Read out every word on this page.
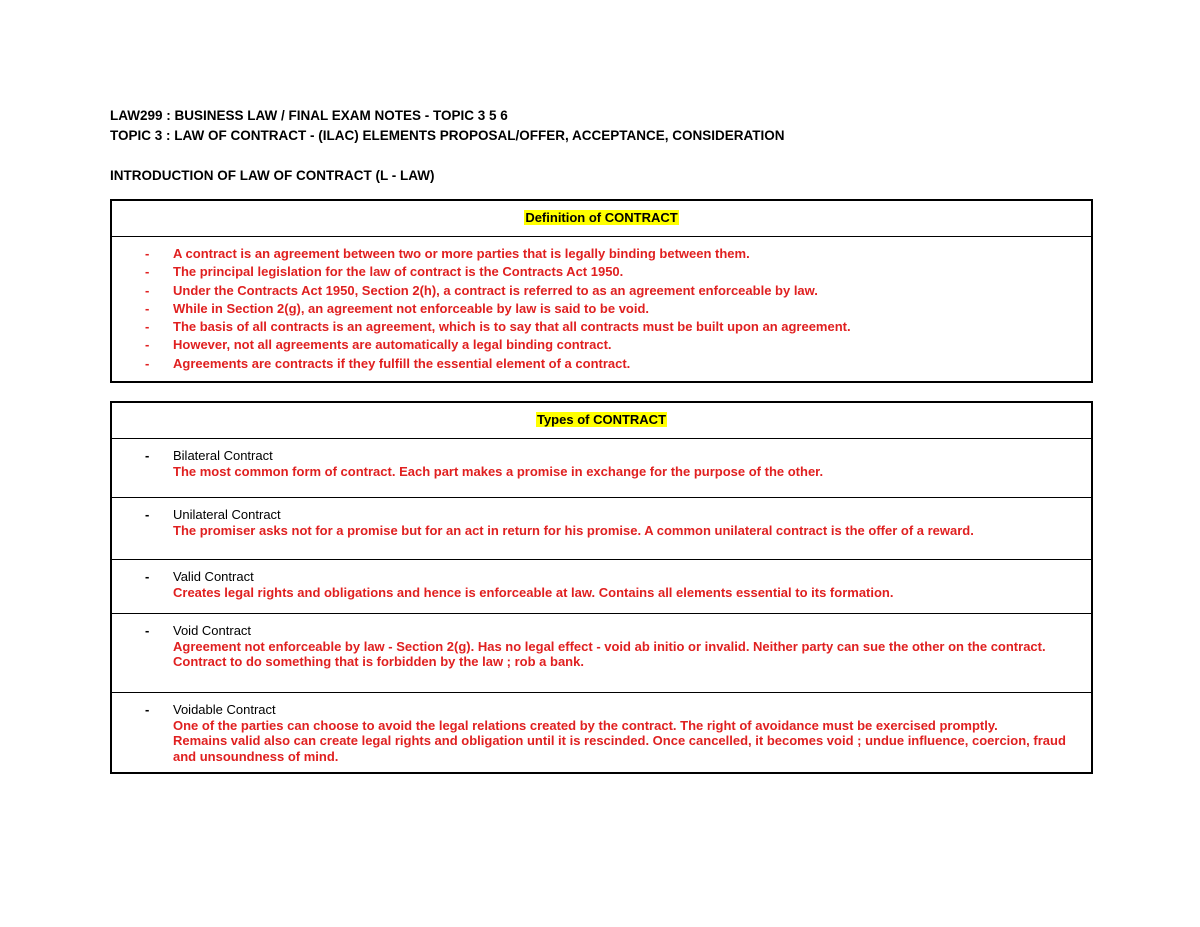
LAW299 : BUSINESS LAW / FINAL EXAM NOTES - TOPIC 3 5 6
TOPIC 3 : LAW OF CONTRACT - (ILAC) ELEMENTS PROPOSAL/OFFER, ACCEPTANCE, CONSIDERATION
INTRODUCTION OF LAW OF CONTRACT (L - LAW)
Definition of CONTRACT

- A contract is an agreement between two or more parties that is legally binding between them.
- The principal legislation for the law of contract is the Contracts Act 1950.
- Under the Contracts Act 1950, Section 2(h), a contract is referred to as an agreement enforceable by law.
- While in Section 2(g), an agreement not enforceable by law is said to be void.
- The basis of all contracts is an agreement, which is to say that all contracts must be built upon an agreement.
- However, not all agreements are automatically a legal binding contract.
- Agreements are contracts if they fulfill the essential element of a contract.
Types of CONTRACT

- Bilateral Contract
The most common form of contract. Each part makes a promise in exchange for the purpose of the other.

- Unilateral Contract
The promiser asks not for a promise but for an act in return for his promise. A common unilateral contract is the offer of a reward.

- Valid Contract
Creates legal rights and obligations and hence is enforceable at law. Contains all elements essential to its formation.

- Void Contract
Agreement not enforceable by law - Section 2(g). Has no legal effect - void ab initio or invalid. Neither party can sue the other on the contract.
Contract to do something that is forbidden by the law ; rob a bank.

- Voidable Contract
One of the parties can choose to avoid the legal relations created by the contract. The right of avoidance must be exercised promptly.
Remains valid also can create legal rights and obligation until it is rescinded. Once cancelled, it becomes void ; undue influence, coercion, fraud and unsoundness of mind.
